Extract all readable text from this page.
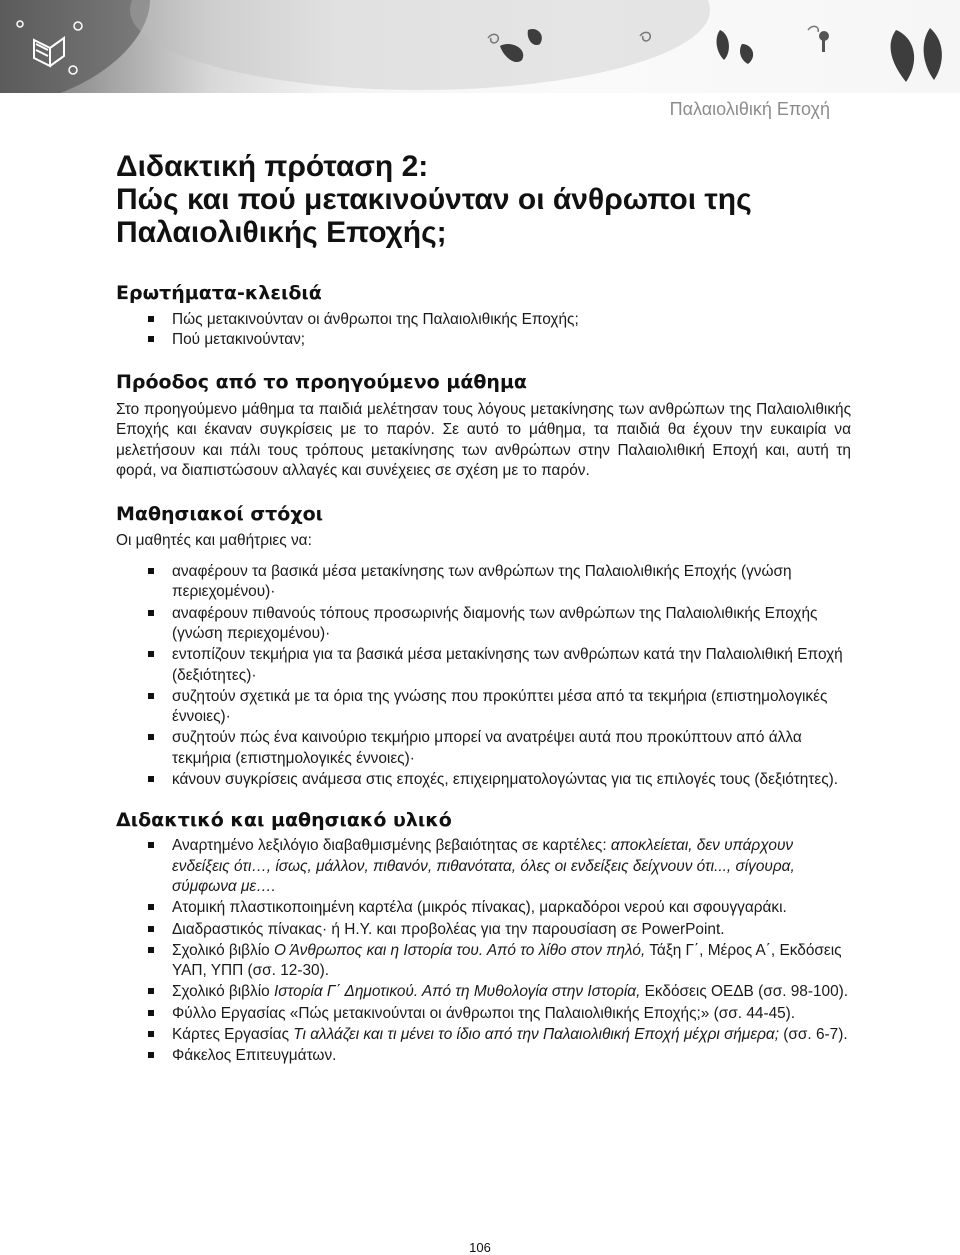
Παλαιολιθική Εποχή
Διδακτική πρόταση 2:
Πώς και πού μετακινούνταν οι άνθρωποι της
Παλαιολιθικής Εποχής;
Ερωτήματα-κλειδιά
Πώς μετακινούνταν οι άνθρωποι της Παλαιολιθικής Εποχής;
Πού μετακινούνταν;
Πρόοδος από το προηγούμενο μάθημα

Στο προηγούμενο μάθημα τα παιδιά μελέτησαν τους λόγους μετακίνησης των ανθρώπων της Παλαιολιθικής Εποχής και έκαναν συγκρίσεις με το παρόν. Σε αυτό το μάθημα, τα παιδιά θα έχουν την ευκαιρία να μελετήσουν και πάλι τους τρόπους μετακίνησης των ανθρώπων στην Παλαιολιθική Εποχή και, αυτή τη φορά, να διαπιστώσουν αλλαγές και συνέχειες σε σχέση με το παρόν.

Μαθησιακοί στόχοι

Οι μαθητές και μαθήτριες να:

αναφέρουν τα βασικά μέσα μετακίνησης των ανθρώπων της Παλαιολιθικής Εποχής (γνώση περιεχομένου)·
αναφέρουν πιθανούς τόπους προσωρινής διαμονής των ανθρώπων της Παλαιολιθικής Εποχής (γνώση περιεχομένου)·
εντοπίζουν τεκμήρια για τα βασικά μέσα μετακίνησης των ανθρώπων κατά την Παλαιολιθική Εποχή (δεξιότητες)·
συζητούν σχετικά με τα όρια της γνώσης που προκύπτει μέσα από τα τεκμήρια (επιστημολογικές έννοιες)·
συζητούν πώς ένα καινούριο τεκμήριο μπορεί να ανατρέψει αυτά που προκύπτουν από άλλα τεκμήρια (επιστημολογικές έννοιες)·
κάνουν συγκρίσεις ανάμεσα στις εποχές, επιχειρηματολογώντας για τις επιλογές τους (δεξιότητες).
Διδακτικό και μαθησιακό υλικό
Αναρτημένο λεξιλόγιο διαβαθμισμένης βεβαιότητας σε καρτέλες: αποκλείεται, δεν υπάρχουν ενδείξεις ότι…, ίσως, μάλλον, πιθανόν, πιθανότατα, όλες οι ενδείξεις δείχνουν ότι..., σίγουρα, σύμφωνα με….
Ατομική πλαστικοποιημένη καρτέλα (μικρός πίνακας), μαρκαδόροι νερού και σφουγγαράκι.
Διαδραστικός πίνακας· ή Η.Υ. και προβολέας για την παρουσίαση σε PowerPoint.
Σχολικό βιβλίο Ο Άνθρωπος και η Ιστορία του. Από το λίθο στον πηλό, Τάξη Γ΄, Μέρος Α΄, Εκδόσεις ΥΑΠ, ΥΠΠ (σσ. 12-30).
Σχολικό βιβλίο Ιστορία Γ΄ Δημοτικού. Από τη Μυθολογία στην Ιστορία, Εκδόσεις ΟΕΔΒ (σσ. 98-100).
Φύλλο Εργασίας «Πώς μετακινούνται οι άνθρωποι της Παλαιολιθικής Εποχής;» (σσ. 44-45).
Κάρτες Εργασίας Τι αλλάζει και τι μένει το ίδιο από την Παλαιολιθική Εποχή μέχρι σήμερα; (σσ. 6-7).
Φάκελος Επιτευγμάτων.
106
